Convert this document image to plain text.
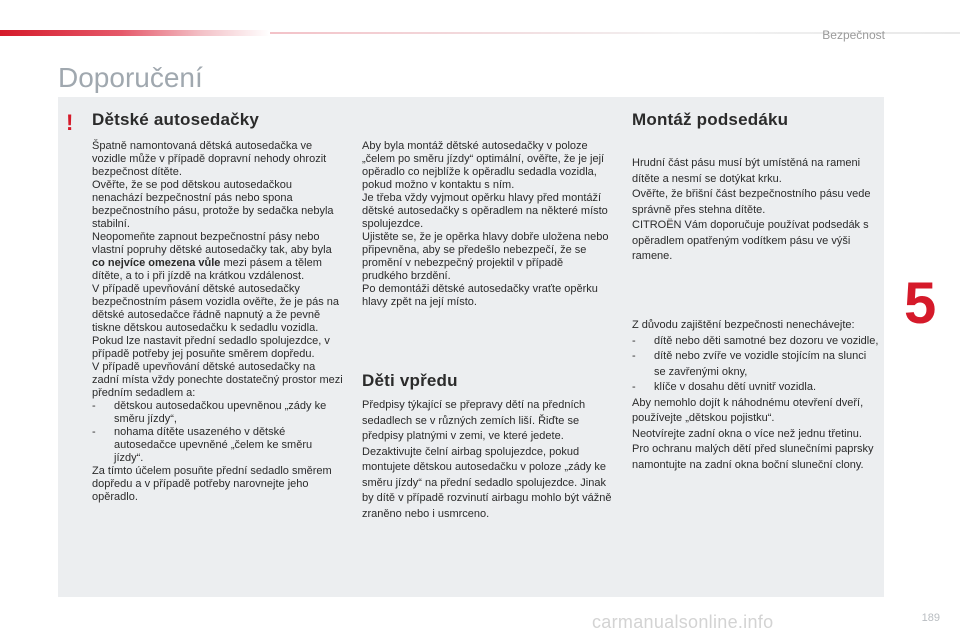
Bezpečnost
Doporučení
! Dětské autosedačky

Špatně namontovaná dětská autosedačka ve vozidle může v případě dopravní nehody ohrozit bezpečnost dítěte.

Ověřte, že se pod dětskou autosedačkou nenachází bezpečnostní pás nebo spona bezpečnostního pásu, protože by sedačka nebyla stabilní.

Neopomeňte zapnout bezpečnostní pásy nebo vlastní popruhy dětské autosedačky tak, aby byla co nejvíce omezena vůle mezi pásem a tělem dítěte, a to i při jízdě na krátkou vzdálenost.

V případě upevňování dětské autosedačky bezpečnostním pásem vozidla ověřte, že je pás na dětské autosedačce řádně napnutý a že pevně tiskne dětskou autosedačku k sedadlu vozidla. Pokud lze nastavit přední sedadlo spolujezdce, v případě potřeby jej posuňte směrem dopředu.

V případě upevňování dětské autosedačky na zadní místa vždy ponechte dostatečný prostor mezi předním sedadlem a:

- dětskou autosedačkou upevněnou „zády ke směru jízdy“,
- nohama dítěte usazeného v dětské autosedačce upevněné „čelem ke směru jízdy“.

Za tímto účelem posuňte přední sedadlo směrem dopředu a v případě potřeby narovnejte jeho opěradlo.

Aby byla montáž dětské autosedačky v poloze „čelem po směru jízdy“ optimální, ověřte, že je její opěradlo co nejblíže k opěradlu sedadla vozidla, pokud možno v kontaktu s ním.

Je třeba vždy vyjmout opěrku hlavy před montáží dětské autosedačky s opěradlem na některé místo spolujezdce.

Ujistěte se, že je opěrka hlavy dobře uložena nebo připevněna, aby se předešlo nebezpečí, že se promění v nebezpečný projektil v případě prudkého brzdění.

Po demontáži dětské autosedačky vraťte opěrku hlavy zpět na její místo.

Děti vpředu

Předpisy týkající se přepravy dětí na předních sedadlech se v různých zemích liší. Řiďte se předpisy platnými v zemi, ve které jedete.

Dezaktivujte čelní airbag spolujezdce, pokud montujete dětskou autosedačku v poloze „zády ke směru jízdy“ na přední sedadlo spolujezdce. Jinak by dítě v případě rozvinutí airbagu mohlo být vážně zraněno nebo i usmrceno.

Montáž podsedáku

Hrudní část pásu musí být umístěná na rameni dítěte a nesmí se dotýkat krku.

Ověřte, že břišní část bezpečnostního pásu vede správně přes stehna dítěte.

CITROËN Vám doporučuje používat podsedák s opěradlem opatřeným vodítkem pásu ve výši ramene.

Z důvodu zajištění bezpečnosti nenechávejte:

- dítě nebo děti samotné bez dozoru ve vozidle,
- dítě nebo zvíře ve vozidle stojícím na slunci se zavřenými okny,
- klíče v dosahu dětí uvnitř vozidla.

Aby nemohlo dojít k náhodnému otevření dveří, používejte „dětskou pojistku“.

Neotvírejte zadní okna o více než jednu třetinu.

Pro ochranu malých dětí před slunečními paprsky namontujte na zadní okna boční sluneční clony.

5
carmanualsonline.info	189
